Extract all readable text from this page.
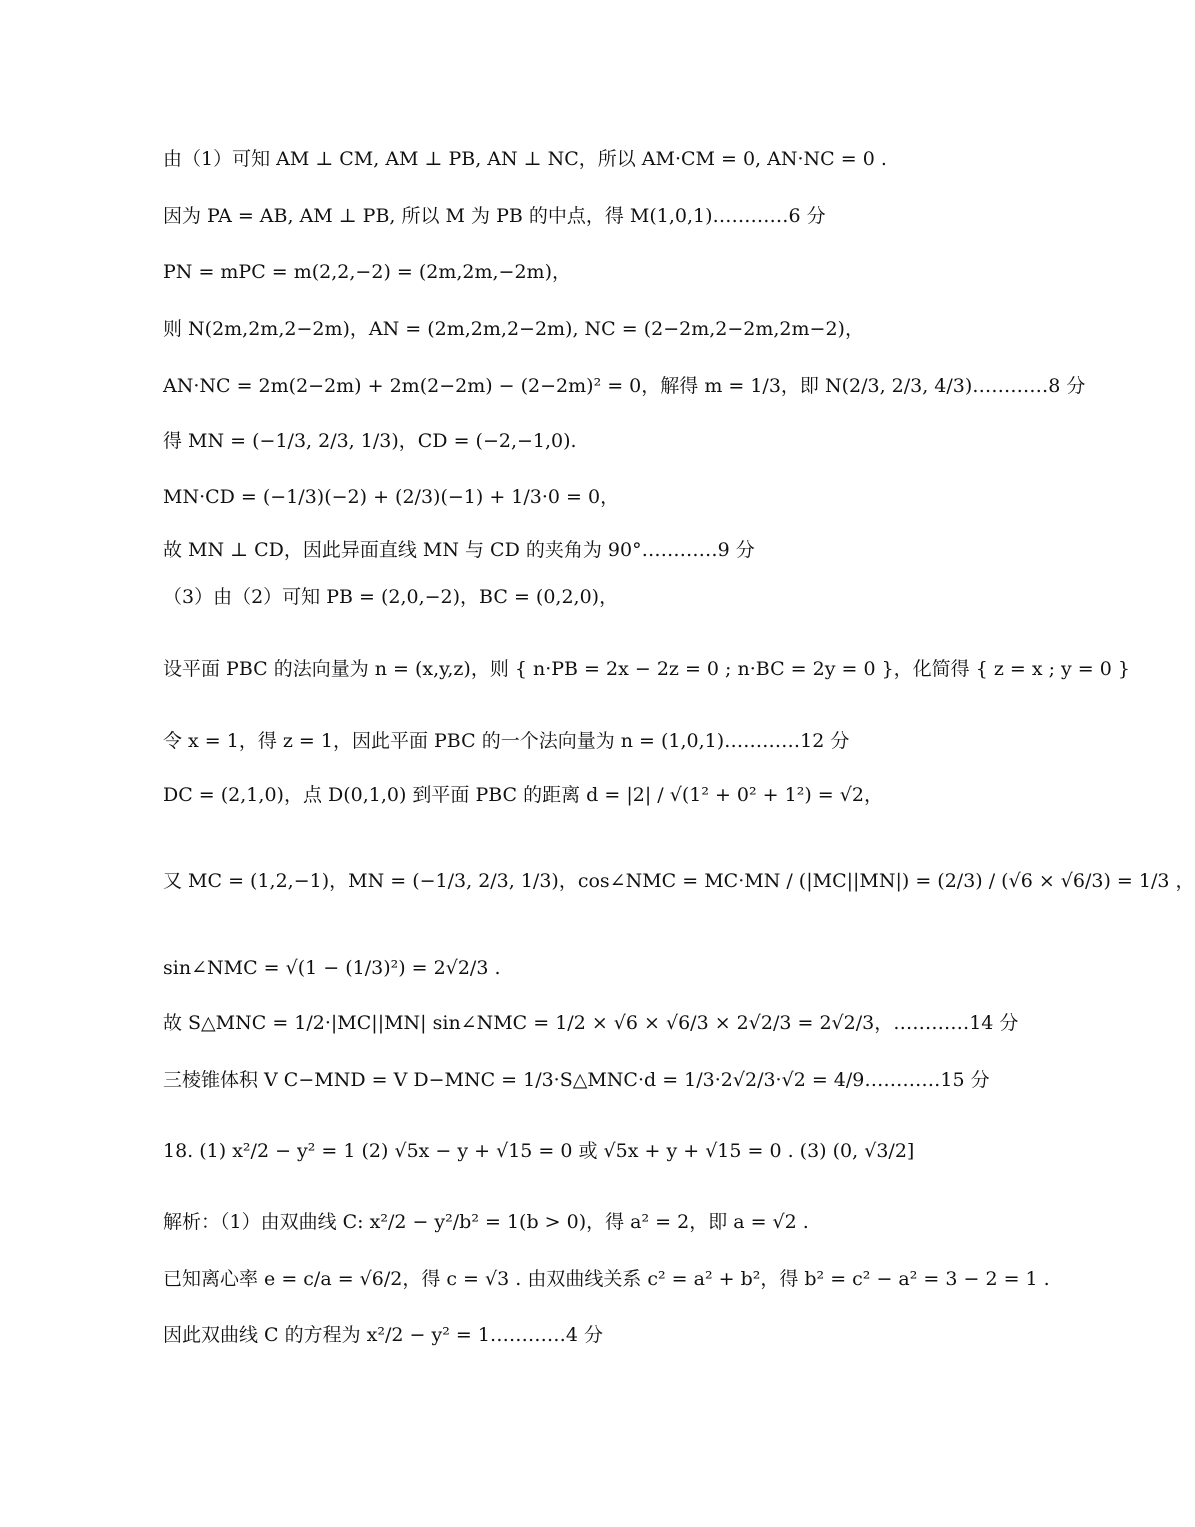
由（1）可知 AM ⊥ CM, AM ⊥ PB, AN ⊥ NC，所以 AM·CM = 0, AN·NC = 0 .
因为 PA = AB, AM ⊥ PB, 所以 M 为 PB 的中点，得 M(1,0,1)…………6 分
PN = mPC = m(2,2,−2) = (2m,2m,−2m)，
则 N(2m,2m,2−2m)，AN = (2m,2m,2−2m), NC = (2−2m,2−2m,2m−2)，
AN·NC = 2m(2−2m) + 2m(2−2m) − (2−2m)² = 0，解得 m = 1/3，即 N(2/3, 2/3, 4/3)…………8 分
得 MN = (−1/3, 2/3, 1/3)，CD = (−2,−1,0).
MN·CD = (−1/3)(−2) + (2/3)(−1) + 1/3·0 = 0，
故 MN ⊥ CD，因此异面直线 MN 与 CD 的夹角为 90°…………9 分
（3）由（2）可知 PB = (2,0,−2)，BC = (0,2,0)，
设平面 PBC 的法向量为 n = (x,y,z)，则 { n·PB = 2x − 2z = 0 ; n·BC = 2y = 0 }，化简得 { z = x ; y = 0 }
令 x = 1，得 z = 1，因此平面 PBC 的一个法向量为 n = (1,0,1)…………12 分
DC = (2,1,0)，点 D(0,1,0) 到平面 PBC 的距离 d = |2| / √(1² + 0² + 1²) = √2，
又 MC = (1,2,−1)，MN = (−1/3, 2/3, 1/3)，cos∠NMC = MC·MN / (|MC||MN|) = (2/3) / (√6 × √6/3) = 1/3 ，
sin∠NMC = √(1 − (1/3)²) = 2√2/3 .
故 S△MNC = 1/2·|MC||MN| sin∠NMC = 1/2 × √6 × √6/3 × 2√2/3 = 2√2/3，…………14 分
三棱锥体积 V C−MND = V D−MNC = 1/3·S△MNC·d = 1/3·2√2/3·√2 = 4/9…………15 分
18. (1) x²/2 − y² = 1 (2) √5x − y + √15 = 0 或 √5x + y + √15 = 0 . (3) (0, √3/2]
解析：（1）由双曲线 C: x²/2 − y²/b² = 1(b > 0)，得 a² = 2，即 a = √2 .
已知离心率 e = c/a = √6/2，得 c = √3 . 由双曲线关系 c² = a² + b²，得 b² = c² − a² = 3 − 2 = 1 .
因此双曲线 C 的方程为 x²/2 − y² = 1…………4 分
